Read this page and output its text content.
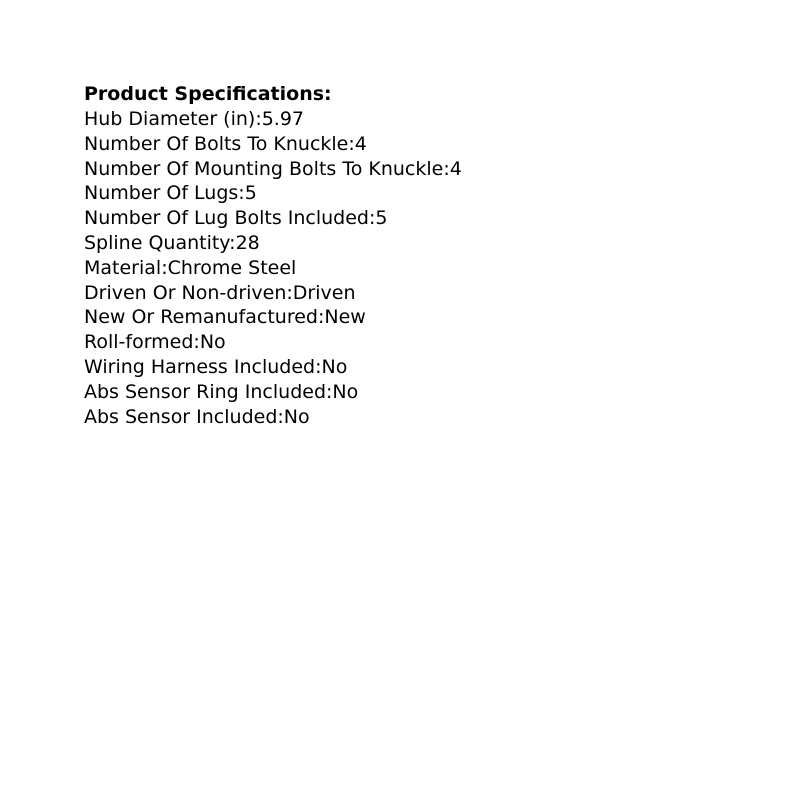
Product Specifications:
Hub Diameter (in):5.97
Number Of Bolts To Knuckle:4
Number Of Mounting Bolts To Knuckle:4
Number Of Lugs:5
Number Of Lug Bolts Included:5
Spline Quantity:28
Material:Chrome Steel
Driven Or Non-driven:Driven
New Or Remanufactured:New
Roll-formed:No
Wiring Harness Included:No
Abs Sensor Ring Included:No
Abs Sensor Included:No
